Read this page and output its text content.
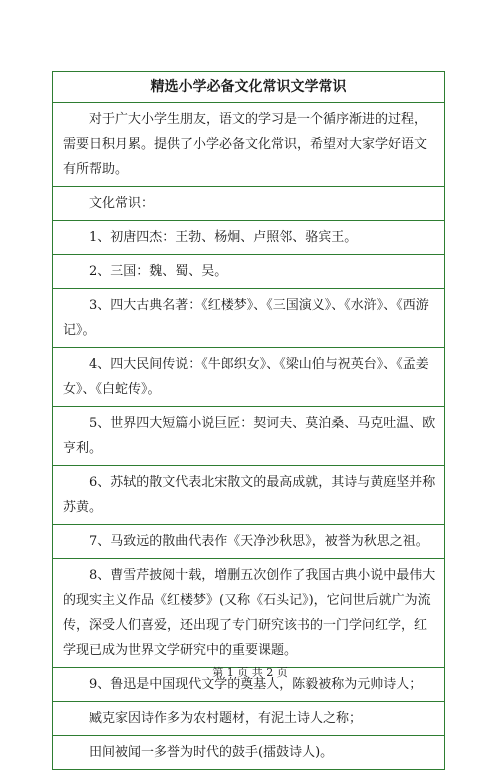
精选小学必备文化常识文学常识
对于广大小学生朋友，语文的学习是一个循序渐进的过程，需要日积月累。提供了小学必备文化常识，希望对大家学好语文有所帮助。
文化常识：
1、初唐四杰：王勃、杨炯、卢照邻、骆宾王。
2、三国：魏、蜀、吴。
3、四大古典名著：《红楼梦》、《三国演义》、《水浒》、《西游记》。
4、四大民间传说：《牛郎织女》、《梁山伯与祝英台》、《孟姜女》、《白蛇传》。
5、世界四大短篇小说巨匠：契诃夫、莫泊桑、马克吐温、欧亨利。
6、苏轼的散文代表北宋散文的最高成就，其诗与黄庭坚并称苏黄。
7、马致远的散曲代表作《天净沙秋思》，被誉为秋思之祖。
8、曹雪芹披阅十载，增删五次创作了我国古典小说中最伟大的现实主义作品《红楼梦》(又称《石头记》)，它问世后就广为流传，深受人们喜爱，还出现了专门研究该书的一门学问红学，红学现已成为世界文学研究中的重要课题。
9、鲁迅是中国现代文学的奠基人，陈毅被称为元帅诗人；
臧克家因诗作多为农村题材，有泥土诗人之称；
田间被闻一多誉为时代的鼓手(擂鼓诗人)。
第 1 页 共 2 页
